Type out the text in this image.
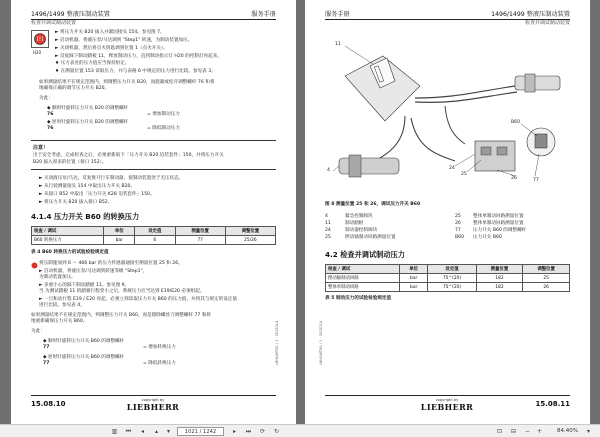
1496/1499 整液压制动装置	服务手册
检查并调试制动装置
(!)
H20
► 将压力开关 B20 拔入并紧固接头 154。参见图 7。
► 启动机器，将液压泵/马达调到 "Step1" 转速，为制动装置加压。
► 关闭机器，然后将点火钥匙调到位置 1（点火开关）。
► 反复踩下制动踏板 11，释放制动压力，直到制动指示灯 H20 的控制灯亮起来。
♦ 压力表处的压力值应当保持恒定。
♦ 在测量位置 153 读取压力，并与表格 6 中规定的压力进行比较。参见表 3。
如果测量结果不在规定范围内，则调整压力开关 B20，而旋紧或松开调整螺杆 76 和将
地确保正确的调节压力开关 B20。
为此：
◆ 顺时针旋转压力开关 B20 的调整螺杆
76	= 增加制动压力
◆ 逆时针旋转压力开关 B20 的调整螺杆
76	= 降低制动压力
注意！
出于安全考虑，完成检查之后，必须重新取下「压力开关 B20 迫装套件」150，并将压力开关
B20 拔入原来的位置（接口 152）。
► 关闭液压泵/马达，反复推开行车制动器，使制动装置处于无压状态。
► 从行驶测量接头 154 中取出压力开关 B20。
► 从接口 B52 中取出「压力开关 K28 迫装套件」150。
► 将压力开关 B20 拔入接口 B52。
4.1.4 压力开关 B60 的转换压力
检查 / 调试	单位	设定值	测量位置	调整位置
B60 转换压力	bar	6	77	25/26
表 4 B60 转换压力的试验检验规定值
将压制施加到 6 ～ 466 bar 的压力传感器通接至测量位置 25 和 26。
► 启动机器，将液压泵/马达调到转速等级 "Step1"，
为制动装置加压。
► 多重小心的踩下制动踏板 11。参见图 9。
当 为测试踏板 11 的踏板行程变小之后，系统压力应当达到 E19/E20 必须组起。
► 一旦和动行程 E19 / E20 亮起，必须立刻读取压力开关 B60 的压力值，并将其与规定的设定值
进行比较。参见表 4。
如果测量结果不在规定范围内，则调整压力开关 B60，而是擦除螺丝刀调整螺杆 77 和将
地重新确保压力开关 B60。
为此：
◆ 顺时针旋转压力开关 B60 的调整螺杆
77	= 增加转换压力
◆ 逆时针旋转压力开关 B60 的调整螺杆
77	= 降低转换压力	LBH/LWT/EL / 1 · 0512014
15.08.10	copyright by
LIEBHERR
服务手册	1496/1499 整液压制动装置
检查并调试制动装置
11
4	24
25
26
B60
77
图 8 测量位置 25 和 26，调试压力开关 B60
4	紧急控制阀块	25	整体单制动回路测量位置
11	制动踏板	26	整体单制动回路测量位置
24	制动器控制阀块	77	压力开关 B60 的调整螺杆
25	摆动轴制动回路测量位置	B60 压力开关 B60
4.2 检查并调试制动压力
检查 / 调试	单位	设定值	测量位置	调整位置
摆动轴制动回路	bar	75^(20)	182	25
整体单制动回路	bar	75^(20)	182	26
表 5 制动压力的试验检验规定值
LBH/LWT/EL / 1 · 0512014
copyright by
LIEBHERR	15.08.11
▥ ⏮	◂	▴	▾	1021 / 1242	▸	⏭	⟳	↻	⊡	⊟	−	+	84.40%	▾
